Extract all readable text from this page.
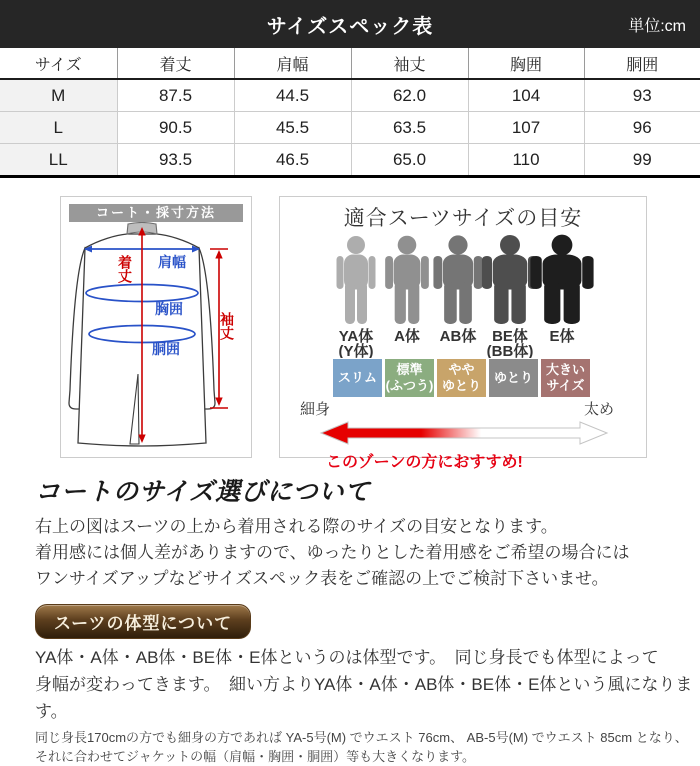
サイズスペック表	単位:cm
サイズ	着丈	肩幅	袖丈	胸囲	胴囲
M	87.5	44.5	62.0	104	93
L	90.5	45.5	63.5	107	96
LL	93.5	46.5	65.0	110	99
コート・採寸方法
着丈 肩幅
胸囲
胴囲
袖丈
適合スーツサイズの目安
YA体
(Y体)
A体 AB体 BE体
(BB体)
E体
スリム
標準
(ふつう)
やや
ゆとり
ゆとり
大きい
サイズ
細身	太め
このゾーンの方におすすめ!
コートのサイズ選びについて
右上の図はスーツの上から着用される際のサイズの目安となります。
着用感には個人差がありますので、ゆったりとした着用感をご希望の場合には
ワンサイズアップなどサイズスペック表をご確認の上でご検討下さいませ。
スーツの体型について
YA体・A体・AB体・BE体・E体というのは体型です。　同じ身長でも体型によって
身幅が変わってきます。　細い方よりYA体・A体・AB体・BE体・E体という風になります。
同じ身長170cmの方でも細身の方であれば YA-5号(M) でウエスト 76cm、 AB-5号(M) でウエスト 85cm となり、
それに合わせてジャケットの幅（肩幅・胸囲・胴囲）等も大きくなります。
